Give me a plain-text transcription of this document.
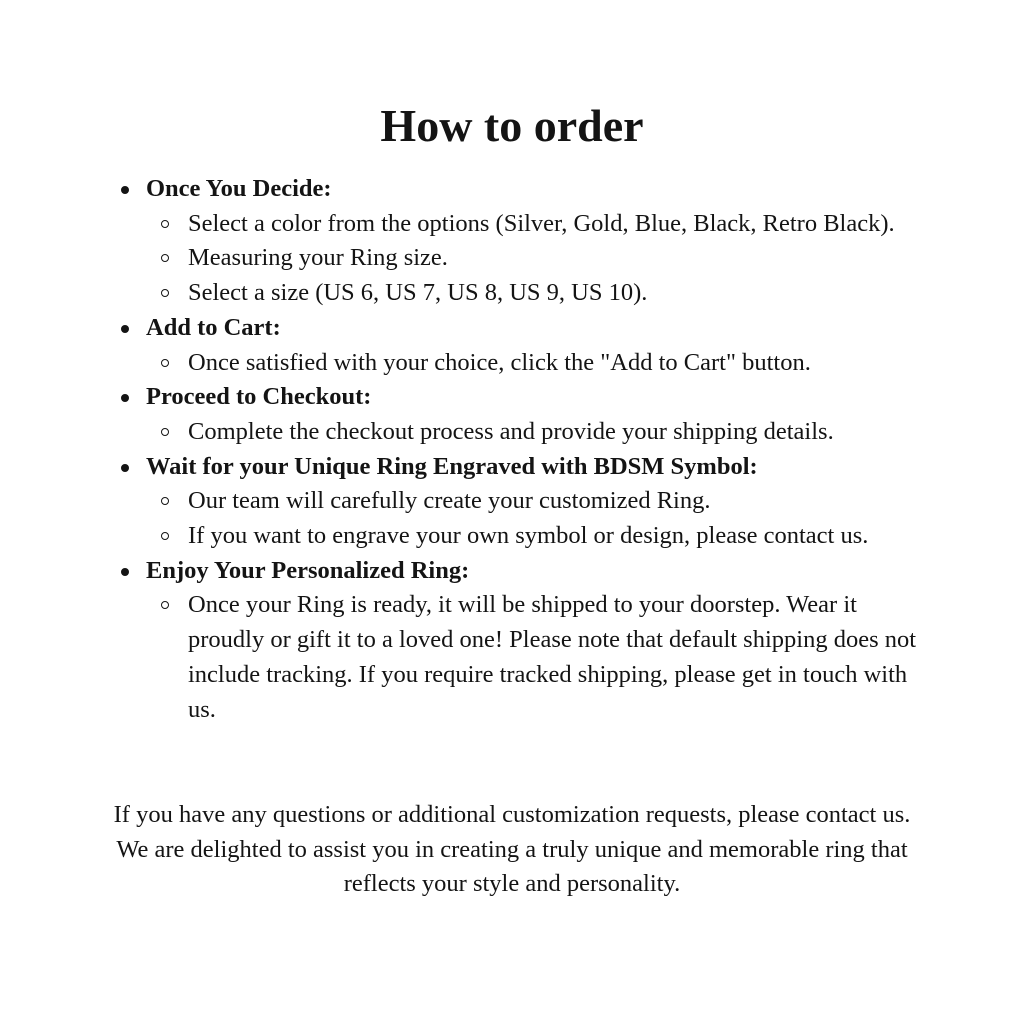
How to order
Once You Decide:
Select a color from the options (Silver, Gold, Blue, Black, Retro Black).
Measuring your Ring size.
Select a size (US 6, US 7, US 8, US 9, US 10).
Add to Cart:
Once satisfied with your choice, click the "Add to Cart" button.
Proceed to Checkout:
Complete the checkout process and provide your shipping details.
Wait for your Unique Ring Engraved with BDSM Symbol:
Our team will carefully create your customized Ring.
If you want to engrave your own symbol or design, please contact us.
Enjoy Your Personalized Ring:
Once your Ring is ready, it will be shipped to your doorstep. Wear it proudly or gift it to a loved one! Please note that default shipping does not include tracking. If you require tracked shipping, please get in touch with us.

If you have any questions or additional customization requests, please contact us. We are delighted to assist you in creating a truly unique and memorable ring that reflects your style and personality.
